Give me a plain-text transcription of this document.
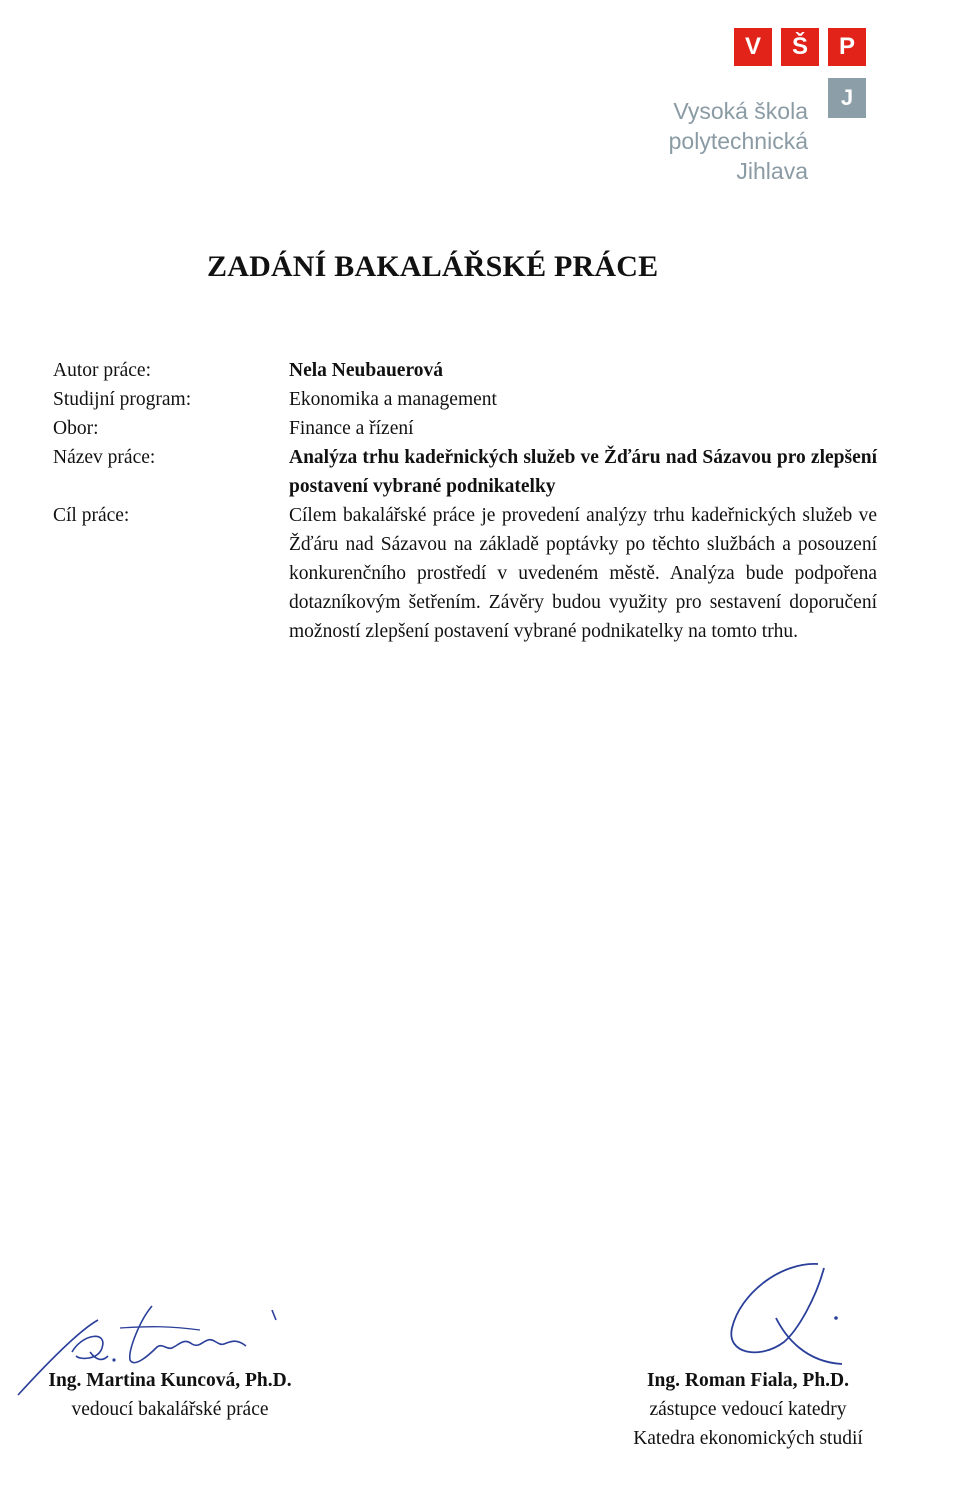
V	Š	P
J
Vysoká škola
polytechnická
Jihlava
ZADÁNÍ BAKALÁŘSKÉ PRÁCE
Autor práce:	Nela Neubauerová
Studijní program:	Ekonomika a management
Obor:	Finance a řízení
Název práce:	Analýza trhu kadeřnických služeb ve Žďáru nad Sázavou pro zlepšení postavení vybrané podnikatelky
Cíl práce:	Cílem bakalářské práce je provedení analýzy trhu kadeřnických služeb ve Žďáru nad Sázavou na základě poptávky po těchto službách a posouzení konkurenčního prostředí v uvedeném městě. Analýza bude podpořena dotazníkovým šetřením. Závěry budou využity pro sestavení doporučení možností zlepšení postavení vybrané podnikatelky na tomto trhu.
Ing. Martina Kuncová, Ph.D.
vedoucí bakalářské práce
Ing. Roman Fiala, Ph.D.
zástupce vedoucí katedry
Katedra ekonomických studií
